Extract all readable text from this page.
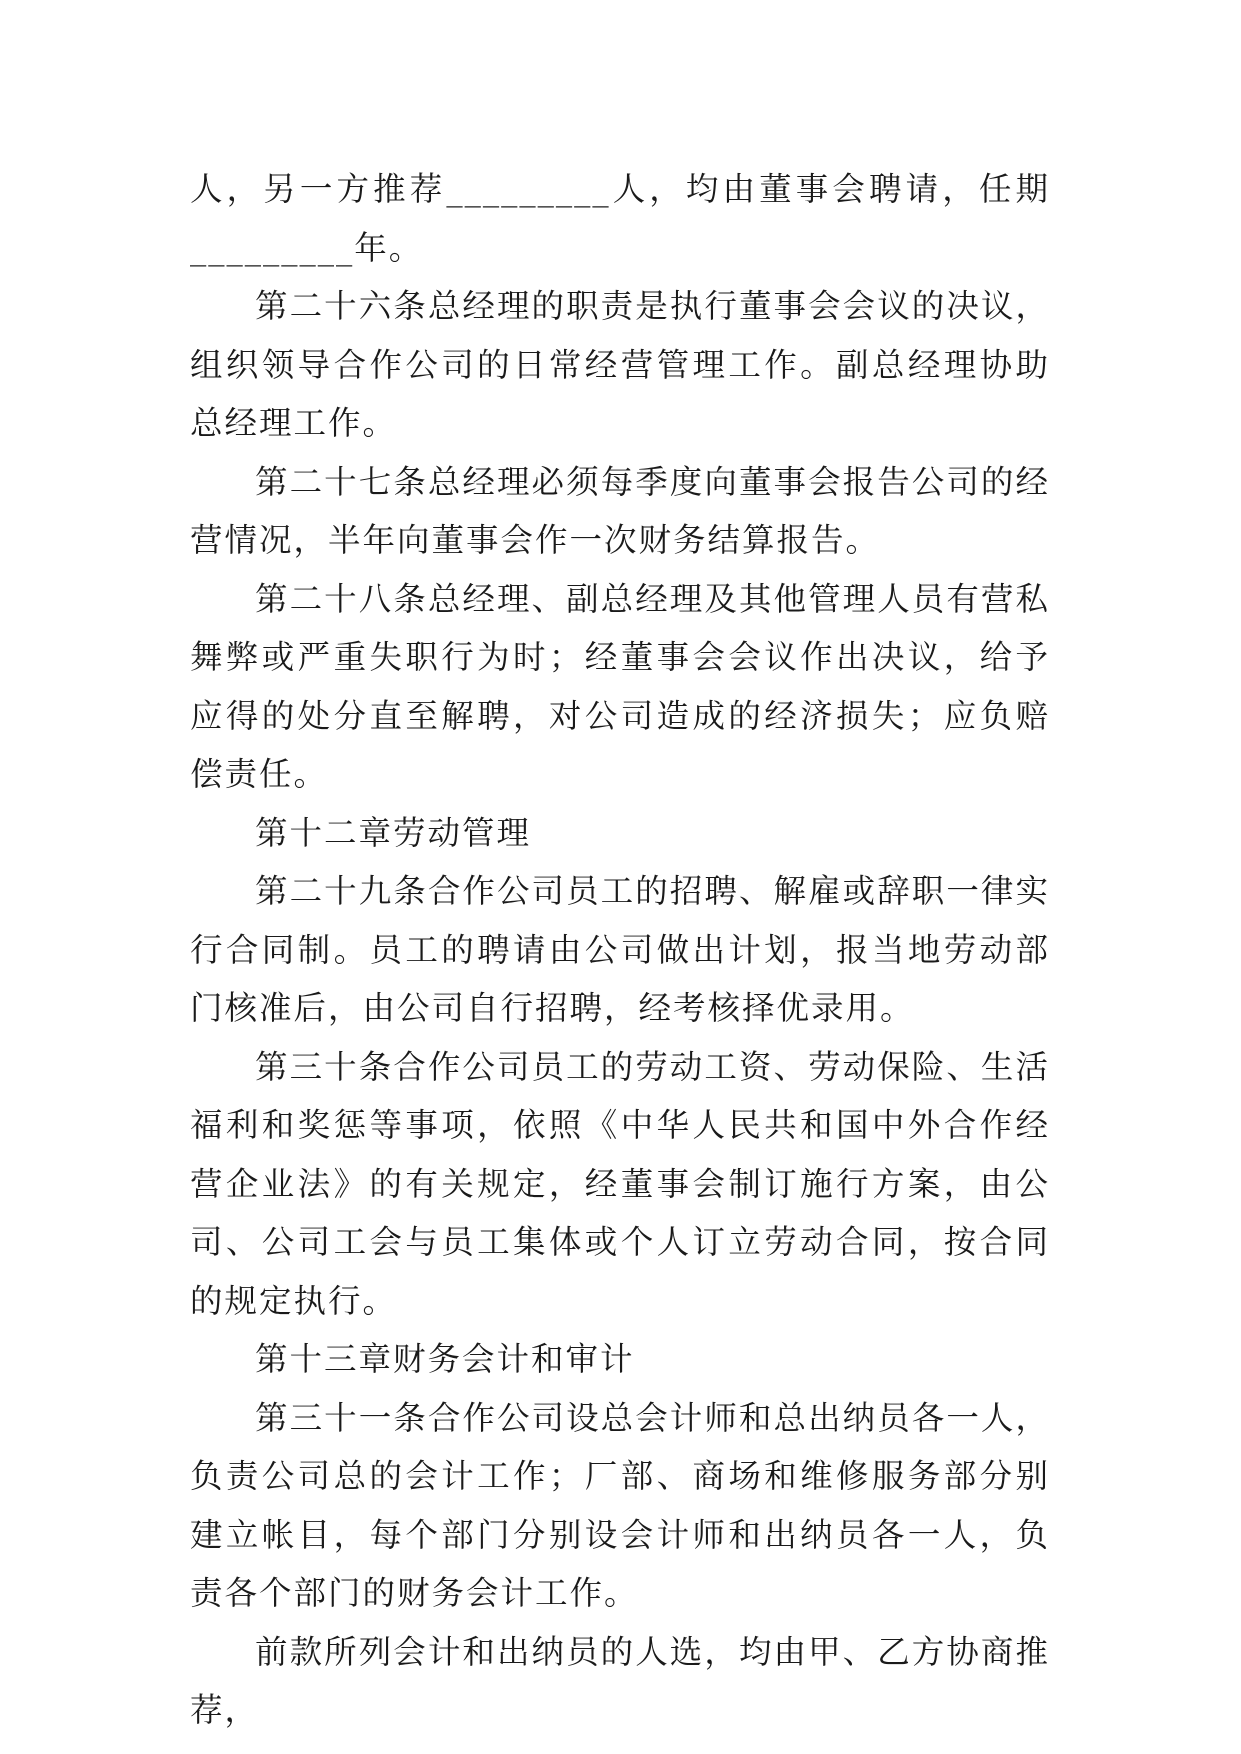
人，另一方推荐_________人，均由董事会聘请，任期_________年。

第二十六条总经理的职责是执行董事会会议的决议，组织领导合作公司的日常经营管理工作。副总经理协助总经理工作。

第二十七条总经理必须每季度向董事会报告公司的经营情况，半年向董事会作一次财务结算报告。

第二十八条总经理、副总经理及其他管理人员有营私舞弊或严重失职行为时；经董事会会议作出决议，给予应得的处分直至解聘，对公司造成的经济损失；应负赔偿责任。

第十二章劳动管理

第二十九条合作公司员工的招聘、解雇或辞职一律实行合同制。员工的聘请由公司做出计划，报当地劳动部门核准后，由公司自行招聘，经考核择优录用。

第三十条合作公司员工的劳动工资、劳动保险、生活福利和奖惩等事项，依照《中华人民共和国中外合作经营企业法》的有关规定，经董事会制订施行方案，由公司、公司工会与员工集体或个人订立劳动合同，按合同的规定执行。

第十三章财务会计和审计

第三十一条合作公司设总会计师和总出纳员各一人，负责公司总的会计工作；厂部、商场和维修服务部分别建立帐目，每个部门分别设会计师和出纳员各一人，负责各个部门的财务会计工作。

前款所列会计和出纳员的人选，均由甲、乙方协商推荐，
